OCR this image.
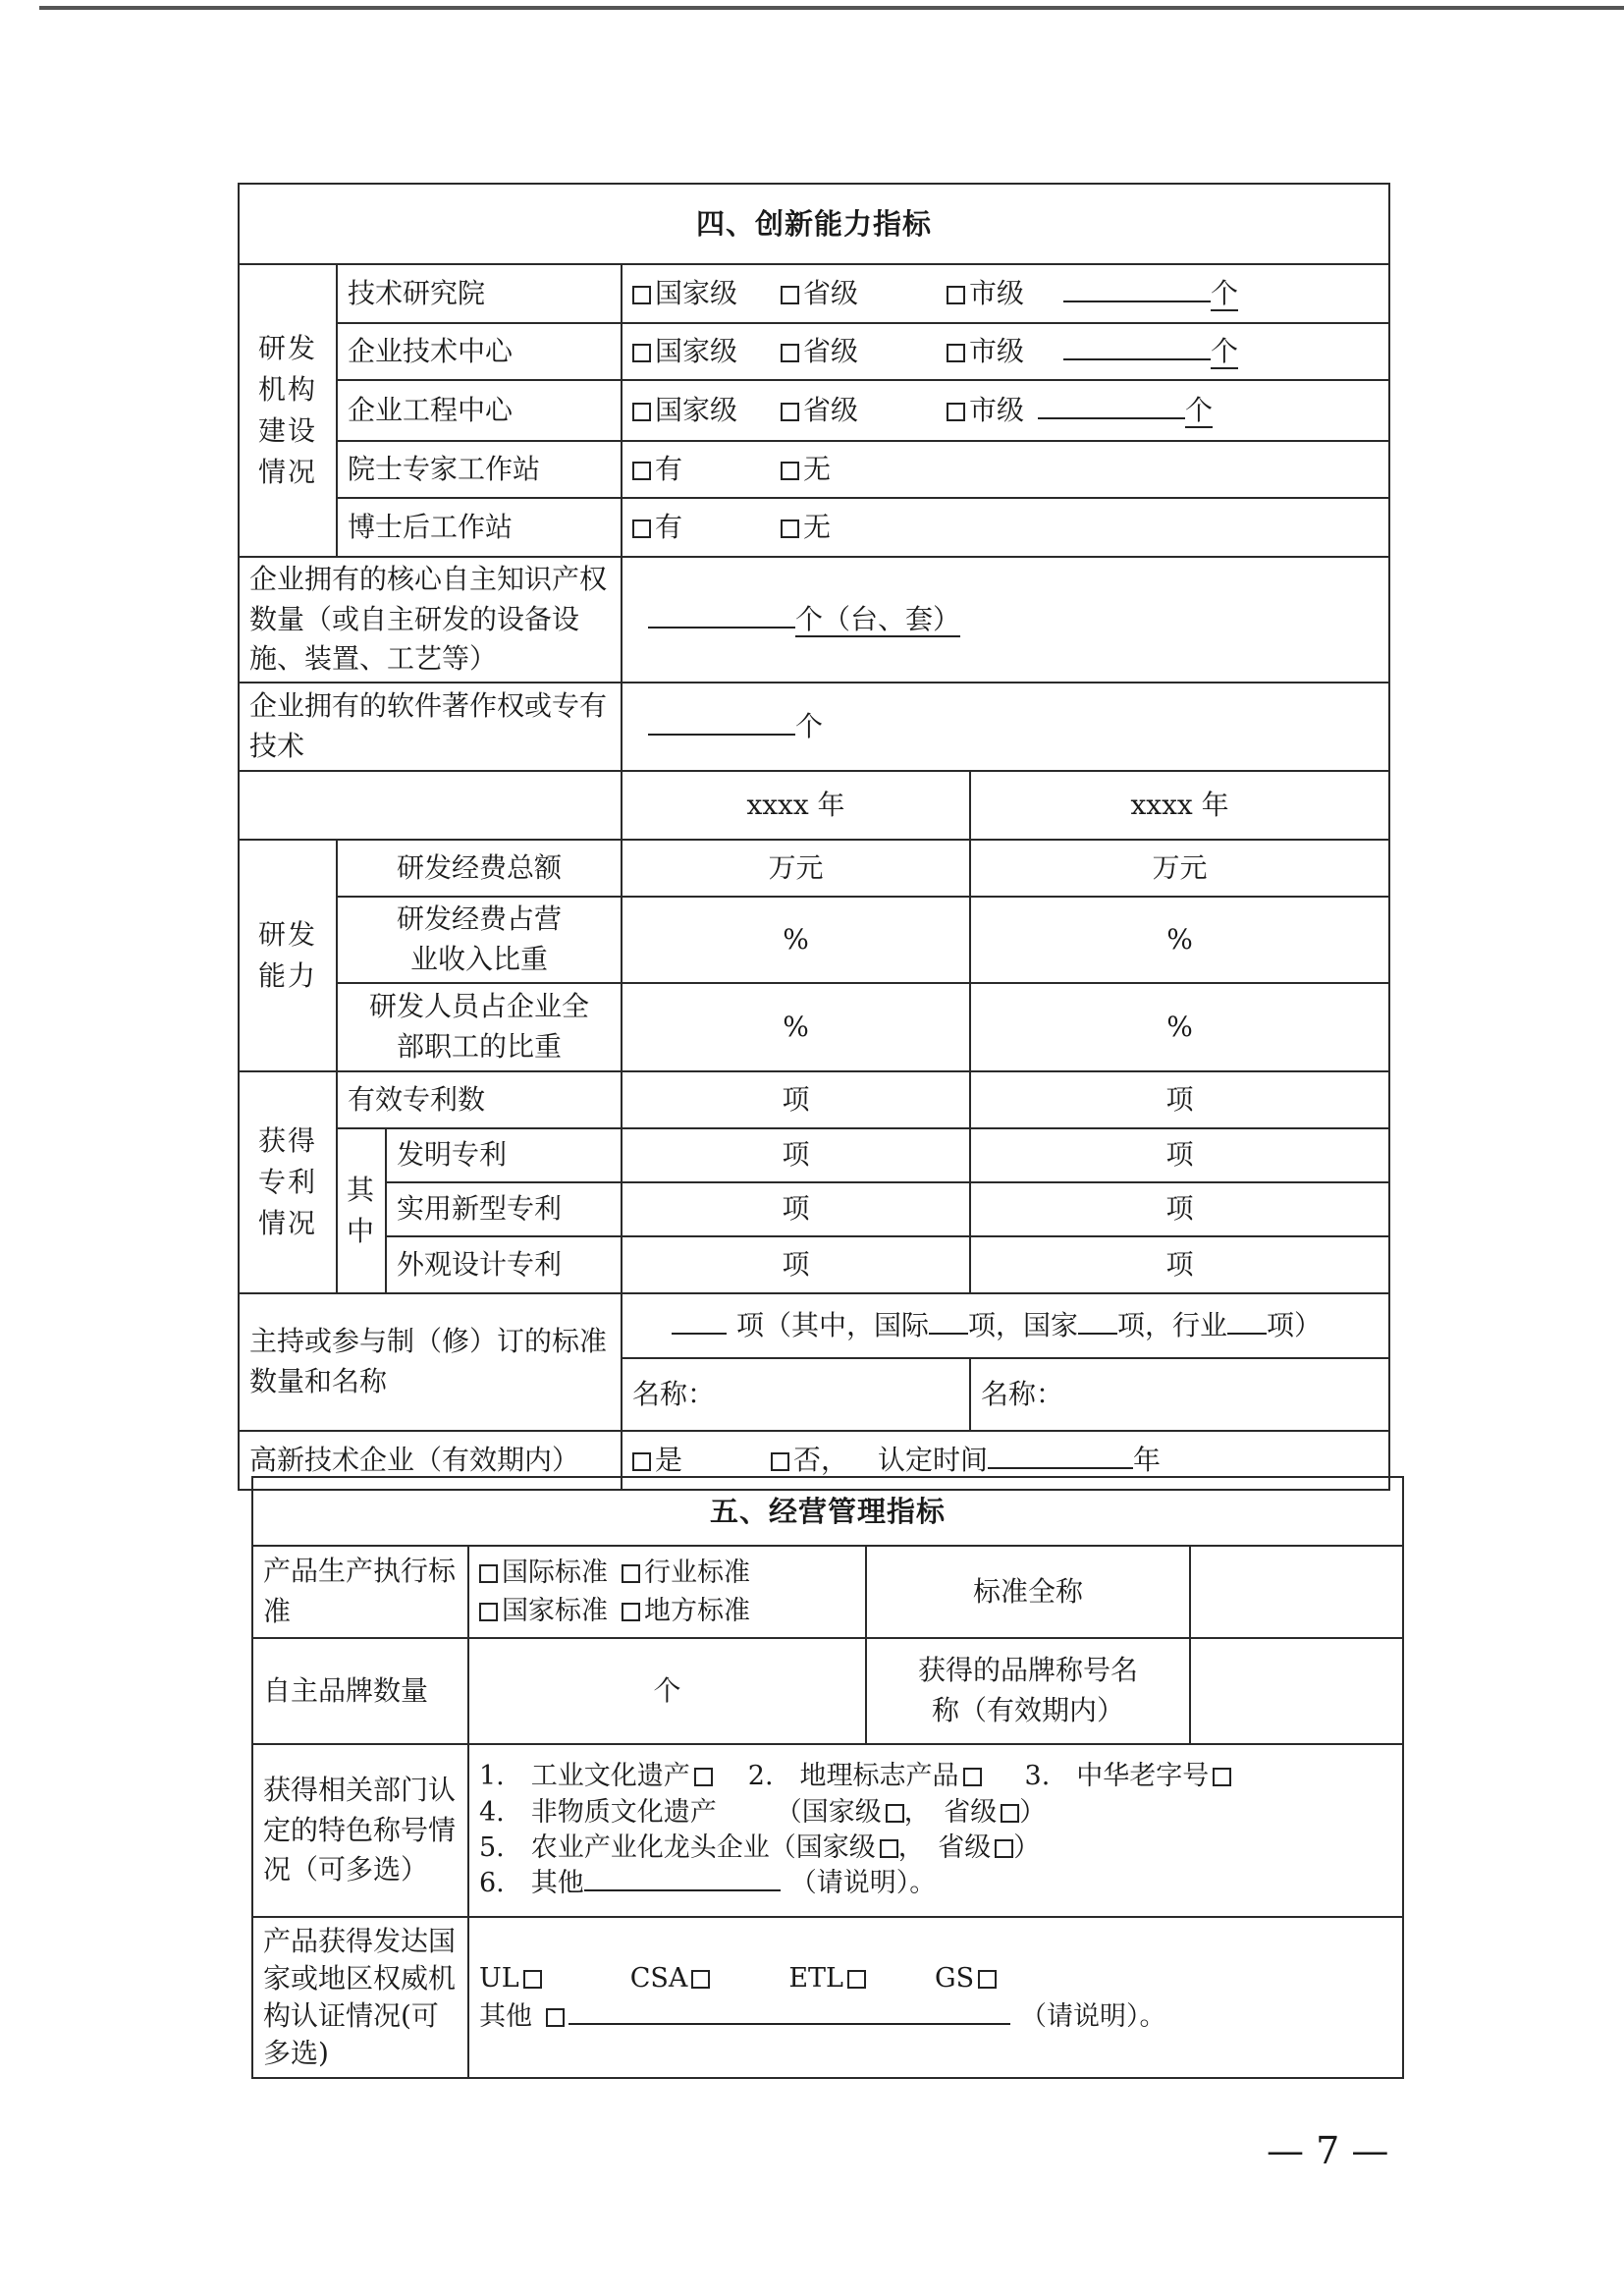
四、创新能力指标				
研发机构建设情况	技术研究院		国家级 省级 市级 个	
	企业技术中心		国家级 省级 市级 个	
	企业工程中心		国家级 省级 市级 个	
	院士专家工作站		有 无	
	博士后工作站		有 无	
企业拥有的核心自主知识产权数量（或自主研发的设备设施、装置、工艺等）			个（台、套）	
企业拥有的软件著作权或专有技术			个	
			xxxx 年	xxxx 年
研发能力	研发经费总额		万元	万元
	研发经费占营业收入比重		%	%
	研发人员占企业全部职工的比重		%	%
获得专利情况	有效专利数		项	项
	其中	发明专利	项	项
		实用新型专利	项	项
		外观设计专利	项	项
主持或参与制（修）订的标准数量和名称			项（其中，国际 项，国家 项，行业 项）	
			名称：	名称：
高新技术企业（有效期内）			是 否， 认定时间 年	
五、经营管理指标			
产品生产执行标准	国际标准 行业标准
国家标准 地方标准	标准全称	
自主品牌数量	个	获得的品牌称号名称（有效期内）	
获得相关部门认定的特色称号情况（可多选）	1.　工业文化遗产 2.　地理标志产品 3.　中华老字号
4.　非物质文化遗产 （国家级 ，　省级 ）
5.　农业产业化龙头企业（国家级 ，　省级 ）
6.　其他 （请说明）。		

产品获得发达国家或地区权威机构认证情况(可多选)	UL CSA ETL GS
其他 （请说明）。		
— 7 —
